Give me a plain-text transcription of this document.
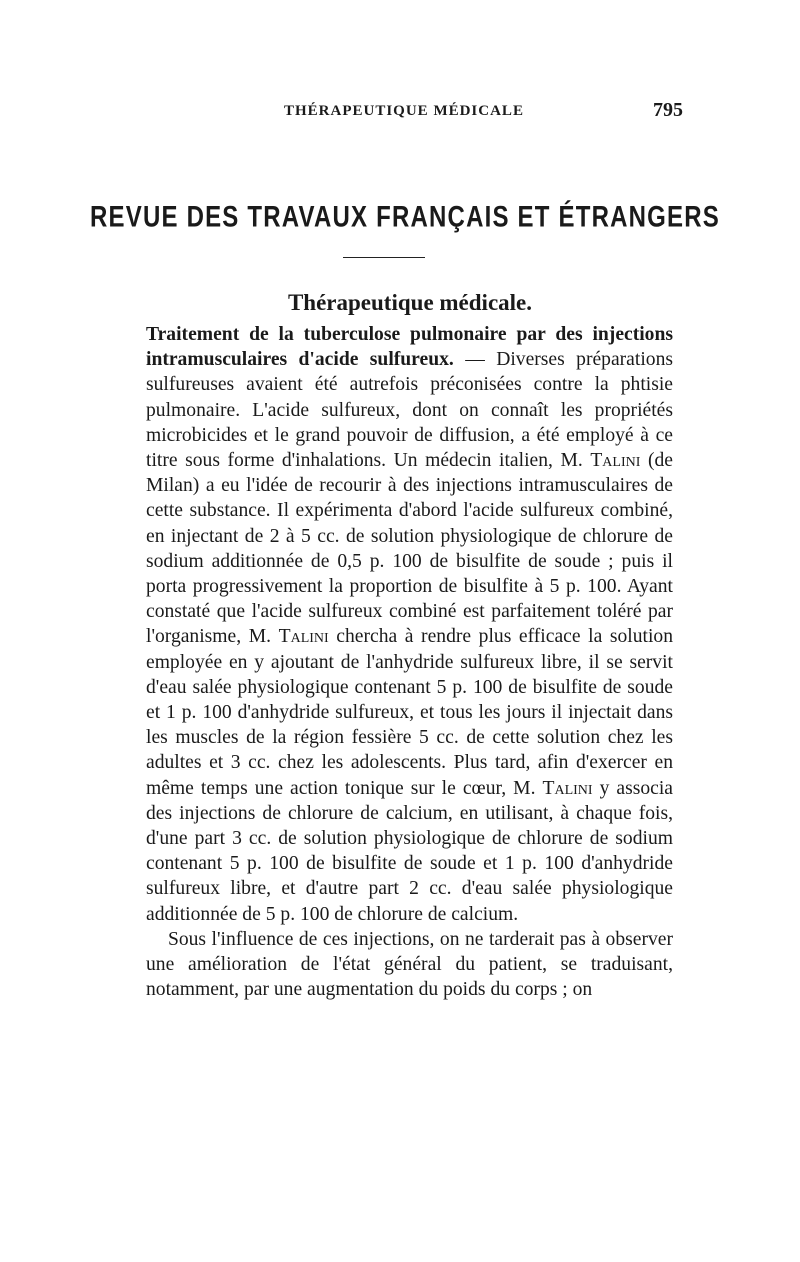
THÉRAPEUTIQUE MÉDICALE	795
REVUE DES TRAVAUX FRANÇAIS ET ÉTRANGERS
Thérapeutique médicale.

Traitement de la tuberculose pulmonaire par des injections intramusculaires d'acide sulfureux. — Diverses préparations sulfureuses avaient été autrefois préconisées contre la phtisie pulmonaire. L'acide sulfureux, dont on connaît les propriétés microbicides et le grand pouvoir de diffusion, a été employé à ce titre sous forme d'inhalations. Un médecin italien, M. Talini (de Milan) a eu l'idée de recourir à des injections intramusculaires de cette substance. Il expérimenta d'abord l'acide sulfureux combiné, en injectant de 2 à 5 cc. de solution physiologique de chlorure de sodium additionnée de 0,5 p. 100 de bisulfite de soude ; puis il porta progressivement la proportion de bisulfite à 5 p. 100. Ayant constaté que l'acide sulfureux combiné est parfaitement toléré par l'organisme, M. Talini chercha à rendre plus efficace la solution employée en y ajoutant de l'anhydride sulfureux libre, il se servit d'eau salée physiologique contenant 5 p. 100 de bisulfite de soude et 1 p. 100 d'anhydride sulfureux, et tous les jours il injectait dans les muscles de la région fessière 5 cc. de cette solution chez les adultes et 3 cc. chez les adolescents. Plus tard, afin d'exercer en même temps une action tonique sur le cœur, M. Talini y associa des injections de chlorure de calcium, en utilisant, à chaque fois, d'une part 3 cc. de solution physiologique de chlorure de sodium contenant 5 p. 100 de bisulfite de soude et 1 p. 100 d'anhydride sulfureux libre, et d'autre part 2 cc. d'eau salée physiologique additionnée de 5 p. 100 de chlorure de calcium.

Sous l'influence de ces injections, on ne tarderait pas à observer une amélioration de l'état général du patient, se traduisant, notamment, par une augmentation du poids du corps ; on
